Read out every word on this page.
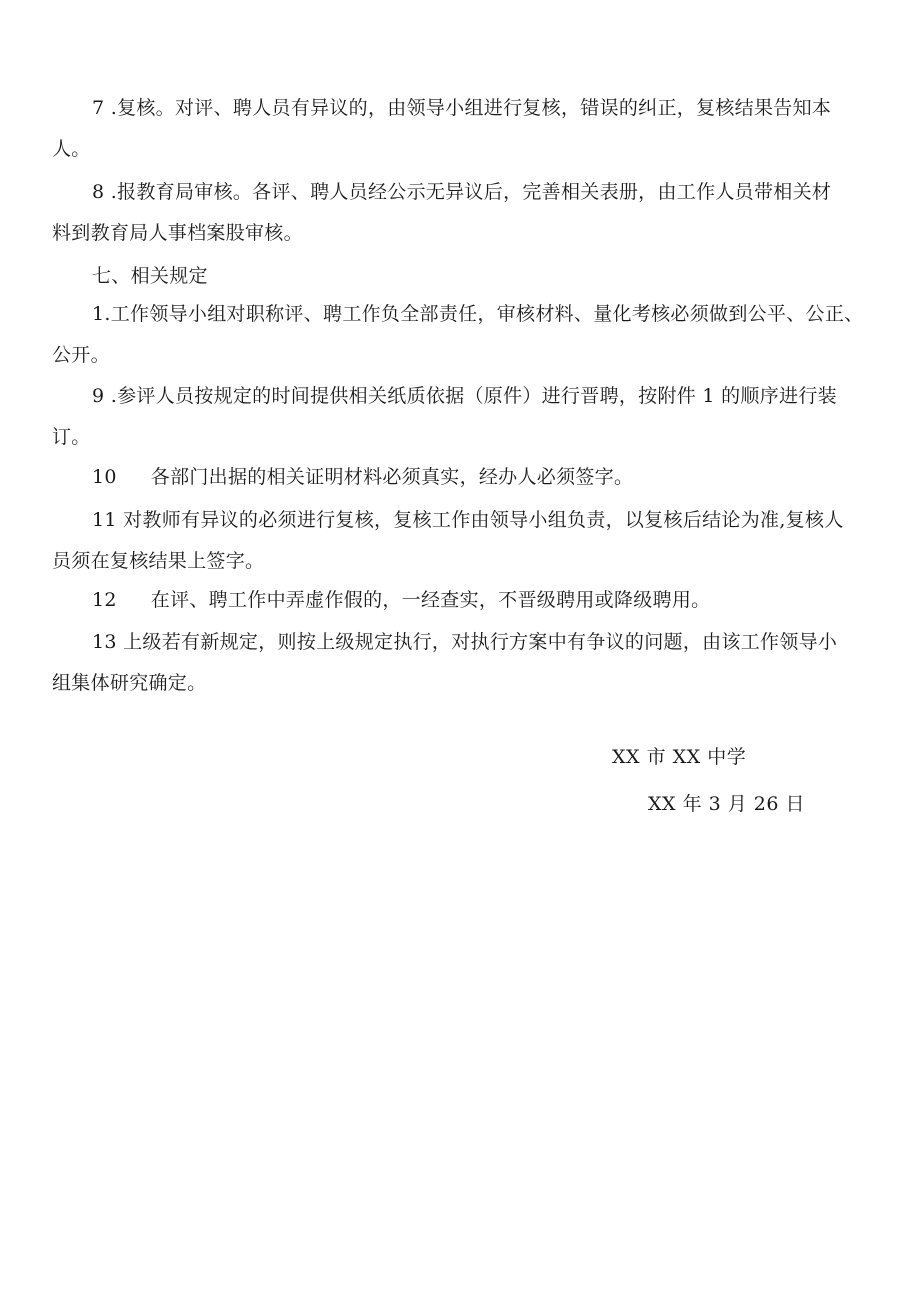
7 .复核。对评、聘人员有异议的，由领导小组进行复核，错误的纠正，复核结果告知本
人。

8 .报教育局审核。各评、聘人员经公示无异议后，完善相关表册，由工作人员带相关材
料到教育局人事档案股审核。

七、相关规定

1.工作领导小组对职称评、聘工作负全部责任，审核材料、量化考核必须做到公平、公正、
公开。

9 .参评人员按规定的时间提供相关纸质依据（原件）进行晋聘，按附件 1 的顺序进行装
订。

10 各部门出据的相关证明材料必须真实，经办人必须签字。

11 对教师有异议的必须进行复核，复核工作由领导小组负责，以复核后结论为准,复核人
员须在复核结果上签字。

12 在评、聘工作中弄虚作假的，一经查实，不晋级聘用或降级聘用。

13 上级若有新规定，则按上级规定执行，对执行方案中有争议的问题，由该工作领导小
组集体研究确定。

XX 市 XX 中学
XX 年 3 月 26 日
